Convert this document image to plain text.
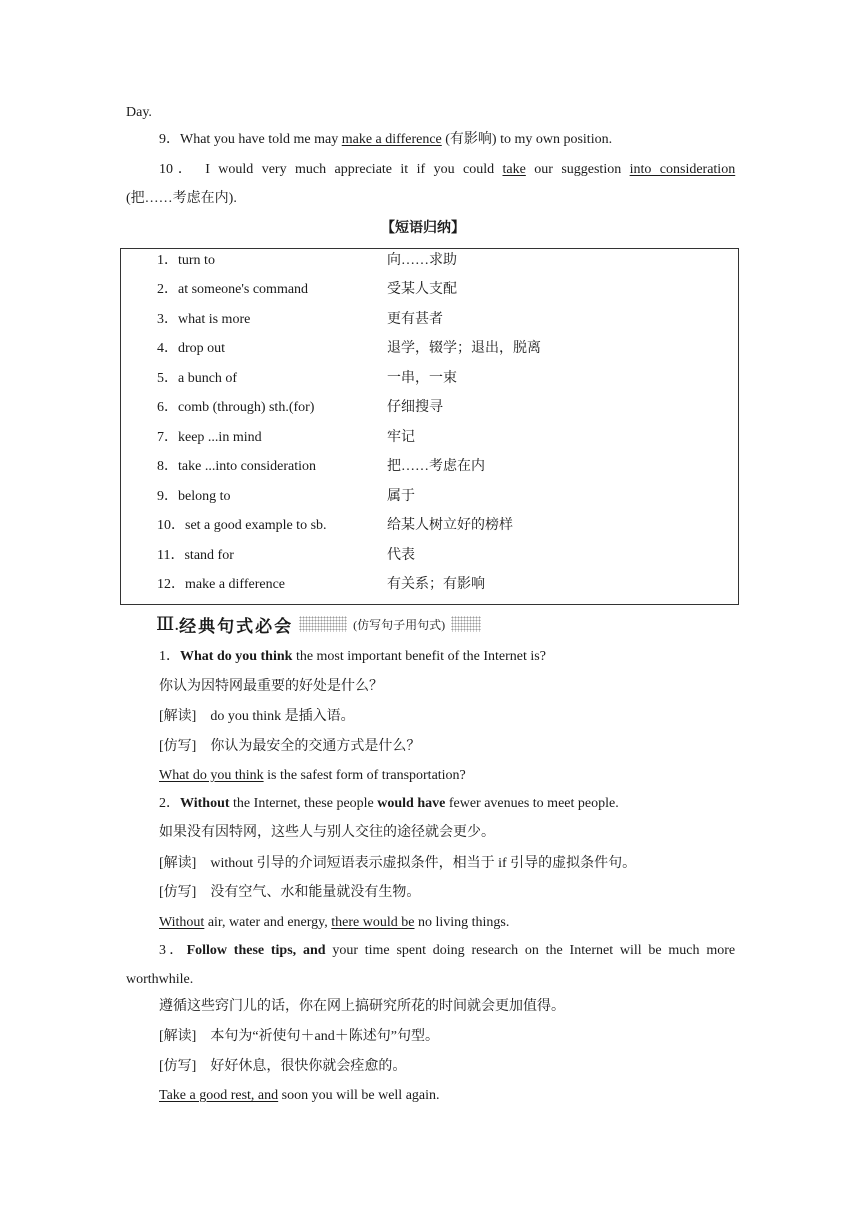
Day.
9．What you have told me may make a difference (有影响) to my own position.
10． I would very much appreciate it if you could take our suggestion into consideration
(把……考虑在内).
【短语归纳】
1．turn to	向……求助
2．at someone's command	受某人支配
3．what is more	更有甚者
4．drop out	退学，辍学；退出，脱离
5．a bunch of	一串，一束
6．comb (through) sth.(for)	仔细搜寻
7．keep ...in mind	牢记
8．take ...into consideration	把……考虑在内
9．belong to	属于
10．set a good example to sb.	给某人树立好的榜样
11．stand for	代表
12．make a difference	有关系；有影响
Ⅲ. 经典句式必会	(仿写句子用句式)
1．What do you think the most important benefit of the Internet is?
你认为因特网最重要的好处是什么？
[解读] do you think 是插入语。
[仿写] 你认为最安全的交通方式是什么？
What do you think is the safest form of transportation?
2．Without the Internet, these people would have fewer avenues to meet people.
如果没有因特网，这些人与别人交往的途径就会更少。
[解读] without 引导的介词短语表示虚拟条件，相当于 if 引导的虚拟条件句。
[仿写] 没有空气、水和能量就没有生物。
Without air, water and energy, there would be no living things.
3．Follow these tips, and your time spent doing research on the Internet will be much more
worthwhile.
遵循这些窍门儿的话，你在网上搞研究所花的时间就会更加值得。
[解读] 本句为“祈使句＋and＋陈述句”句型。
[仿写] 好好休息，很快你就会痊愈的。
Take a good rest, and soon you will be well again.
